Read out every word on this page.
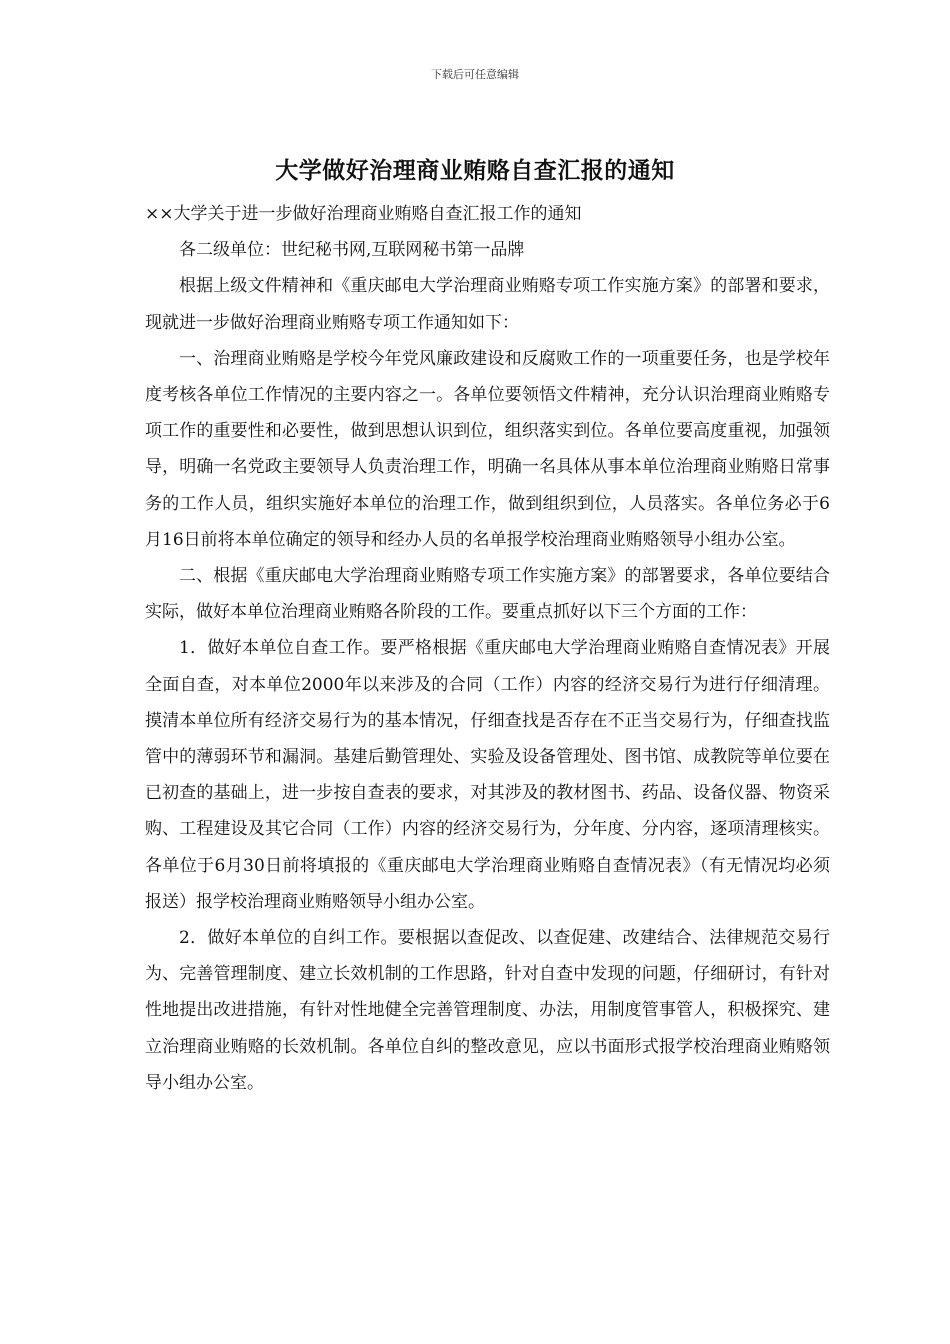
下载后可任意编辑
大学做好治理商业贿赂自查汇报的通知

××大学关于进一步做好治理商业贿赂自查汇报工作的通知

各二级单位：世纪秘书网,互联网秘书第一品牌

根据上级文件精神和《重庆邮电大学治理商业贿赂专项工作实施方案》的部署和要求，现就进一步做好治理商业贿赂专项工作通知如下：

一、治理商业贿赂是学校今年党风廉政建设和反腐败工作的一项重要任务，也是学校年度考核各单位工作情况的主要内容之一。各单位要领悟文件精神，充分认识治理商业贿赂专项工作的重要性和必要性，做到思想认识到位，组织落实到位。各单位要高度重视，加强领导，明确一名党政主要领导人负责治理工作，明确一名具体从事本单位治理商业贿赂日常事务的工作人员，组织实施好本单位的治理工作，做到组织到位，人员落实。各单位务必于6月16日前将本单位确定的领导和经办人员的名单报学校治理商业贿赂领导小组办公室。

二、根据《重庆邮电大学治理商业贿赂专项工作实施方案》的部署要求，各单位要结合实际，做好本单位治理商业贿赂各阶段的工作。要重点抓好以下三个方面的工作：

1．做好本单位自查工作。要严格根据《重庆邮电大学治理商业贿赂自查情况表》开展全面自查，对本单位2000年以来涉及的合同（工作）内容的经济交易行为进行仔细清理。摸清本单位所有经济交易行为的基本情况，仔细查找是否存在不正当交易行为，仔细查找监管中的薄弱环节和漏洞。基建后勤管理处、实验及设备管理处、图书馆、成教院等单位要在已初查的基础上，进一步按自查表的要求，对其涉及的教材图书、药品、设备仪器、物资采购、工程建设及其它合同（工作）内容的经济交易行为，分年度、分内容，逐项清理核实。各单位于6月30日前将填报的《重庆邮电大学治理商业贿赂自查情况表》（有无情况均必须报送）报学校治理商业贿赂领导小组办公室。

2．做好本单位的自纠工作。要根据以查促改、以查促建、改建结合、法律规范交易行为、完善管理制度、建立长效机制的工作思路，针对自查中发现的问题，仔细研讨，有针对性地提出改进措施，有针对性地健全完善管理制度、办法，用制度管事管人，积极探究、建立治理商业贿赂的长效机制。各单位自纠的整改意见，应以书面形式报学校治理商业贿赂领导小组办公室。
